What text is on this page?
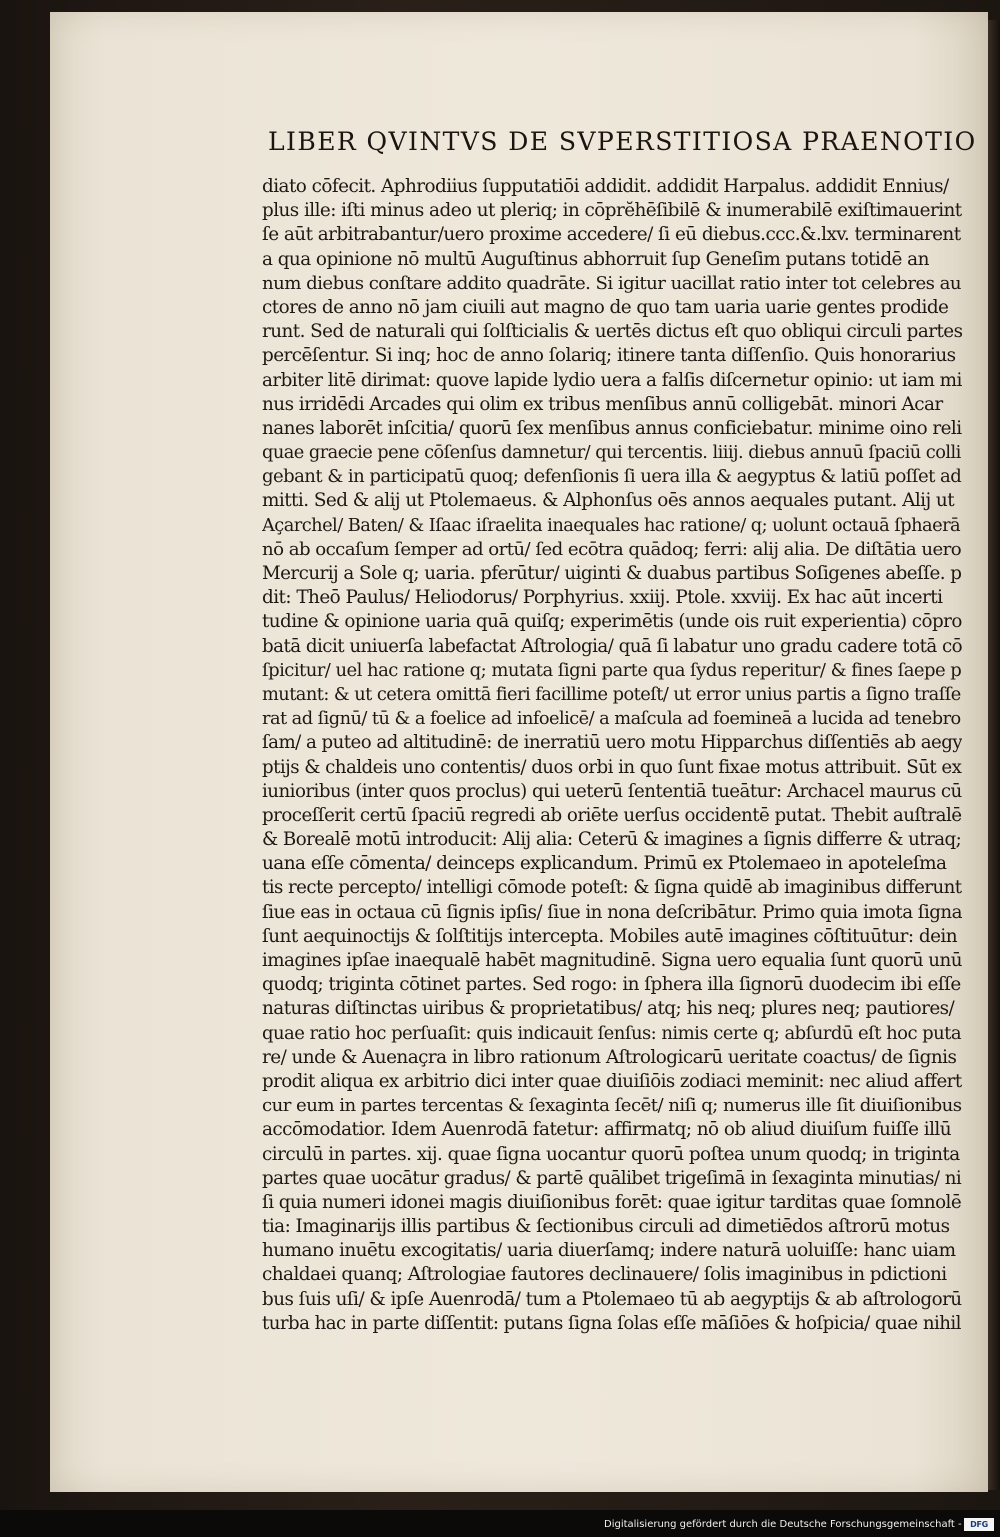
LIBER QVINTVS DE SVPERSTITIOSA PRAENOTIO
diato cōfecit. Aphrodiius ſupputatiōi addidit. addidit Harpalus. addidit Ennius/
plus ille: iſti minus adeo ut pleriq; in cōprĕhēſibilē & inumerabilē exiſtimauerint
ſe aūt arbitrabantur/uero proxime accedere/ ſi eū diebus.ccc.&.lxv. terminarent
a qua opinione nō multū Auguſtinus abhorruit ſup Geneſim putans totidē an
num diebus conſtare addito quadrāte. Si igitur uacillat ratio inter tot celebres au
ctores de anno nō jam ciuili aut magno de quo tam uaria uarie gentes prodide
runt. Sed de naturali qui ſolſticialis & uertēs dictus eſt quo obliqui circuli partes
percēſentur. Si inq; hoc de anno ſolariq; itinere tanta diſſenſio. Quis honorarius
arbiter litē dirimat: quove lapide lydio uera a falſis diſcernetur opinio: ut iam mi
nus irridēdi Arcades qui olim ex tribus menſibus annū colligebāt. minori Acar
nanes laborēt inſcitia/ quorū ſex menſibus annus conficiebatur. minime oino reli
quae graecie pene cōſenſus damnetur/ qui tercentis. liiij. diebus annuū ſpaciū colli
gebant & in participatū quoq; defenſionis ſi uera illa & aegyptus & latiū poſſet ad
mitti. Sed & alij ut Ptolemaeus. & Alphonſus oēs annos aequales putant. Alij ut
Açarchel/ Baten/ & Iſaac iſraelita inaequales hac ratione/ q; uolunt octauā ſphaerā
nō ab occaſum ſemper ad ortū/ ſed ecōtra quādoq; ferri: alij alia. De diſtātia uero
Mercurij a Sole q; uaria. pferūtur/ uiginti & duabus partibus Soſigenes abeſſe. p
dit: Theō Paulus/ Heliodorus/ Porphyrius. xxiij. Ptole. xxviij. Ex hac aūt incerti
tudine & opinione uaria quā quiſq; experimētis (unde ois ruit experientia) cōpro
batā dicit uniuerſa labefactat Aſtrologia/ quā ſi labatur uno gradu cadere totā cō
ſpicitur/ uel hac ratione q; mutata ſigni parte qua ſydus reperitur/ & fines ſaepe p
mutant: & ut cetera omittā fieri facillime poteſt/ ut error unius partis a ſigno traſſe
rat ad ſignū/ tū & a foelice ad infoelicē/ a maſcula ad foemineā a lucida ad tenebro
ſam/ a puteo ad altitudinē: de inerratiū uero motu Hipparchus diſſentiēs ab aegy
ptijs & chaldeis uno contentis/ duos orbi in quo ſunt fixae motus attribuit. Sūt ex
iunioribus (inter quos proclus) qui ueterū ſententiā tueātur: Archacel maurus cū
proceſſerit certū ſpaciū regredi ab oriēte uerſus occidentē putat. Thebit auſtralē
& Borealē motū introducit: Alij alia: Ceterū & imagines a ſignis differre & utraq;
uana eſſe cōmenta/ deinceps explicandum. Primū ex Ptolemaeo in apoteleſma
tis recte percepto/ intelligi cōmode poteſt: & ſigna quidē ab imaginibus differunt
ſiue eas in octaua cū ſignis ipſis/ ſiue in nona deſcribātur. Primo quia imota ſigna
ſunt aequinoctijs & ſolſtitijs intercepta. Mobiles autē imagines cōſtituūtur: dein
imagines ipſae inaequalē habēt magnitudinē. Signa uero equalia ſunt quorū unū
quodq; triginta cōtinet partes. Sed rogo: in ſphera illa ſignorū duodecim ibi eſſe
naturas diſtinctas uiribus & proprietatibus/ atq; his neq; plures neq; pautiores/
quae ratio hoc perſuaſit: quis indicauit ſenſus: nimis certe q; abſurdū eſt hoc puta
re/ unde & Auenaçra in libro rationum Aſtrologicarū ueritate coactus/ de ſignis
prodit aliqua ex arbitrio dici inter quae diuiſiōis zodiaci meminit: nec aliud affert
cur eum in partes tercentas & ſexaginta ſecēt/ niſi q; numerus ille ſit diuiſionibus
accōmodatior. Idem Auenrodā fatetur: affirmatq; nō ob aliud diuiſum fuiſſe illū
circulū in partes. xij. quae ſigna uocantur quorū poſtea unum quodq; in triginta
partes quae uocātur gradus/ & partē quālibet trigeſimā in ſexaginta minutias/ ni
ſi quia numeri idonei magis diuiſionibus forēt: quae igitur tarditas quae ſomnolē
tia: Imaginarijs illis partibus & ſectionibus circuli ad dimetiēdos aſtrorū motus
humano inuētu excogitatis/ uaria diuerſamq; indere naturā uoluiſſe: hanc uiam
chaldaei quanq; Aſtrologiae fautores declinauere/ ſolis imaginibus in pdictioni
bus ſuis uſi/ & ipſe Auenrodā/ tum a Ptolemaeo tū ab aegyptijs & ab aſtrologorū
turba hac in parte diſſentit: putans ſigna ſolas eſſe māſiōes & hoſpicia/ quae nihil
Digitalisierung gefördert durch die Deutsche Forschungsgemeinschaft -	DFG
